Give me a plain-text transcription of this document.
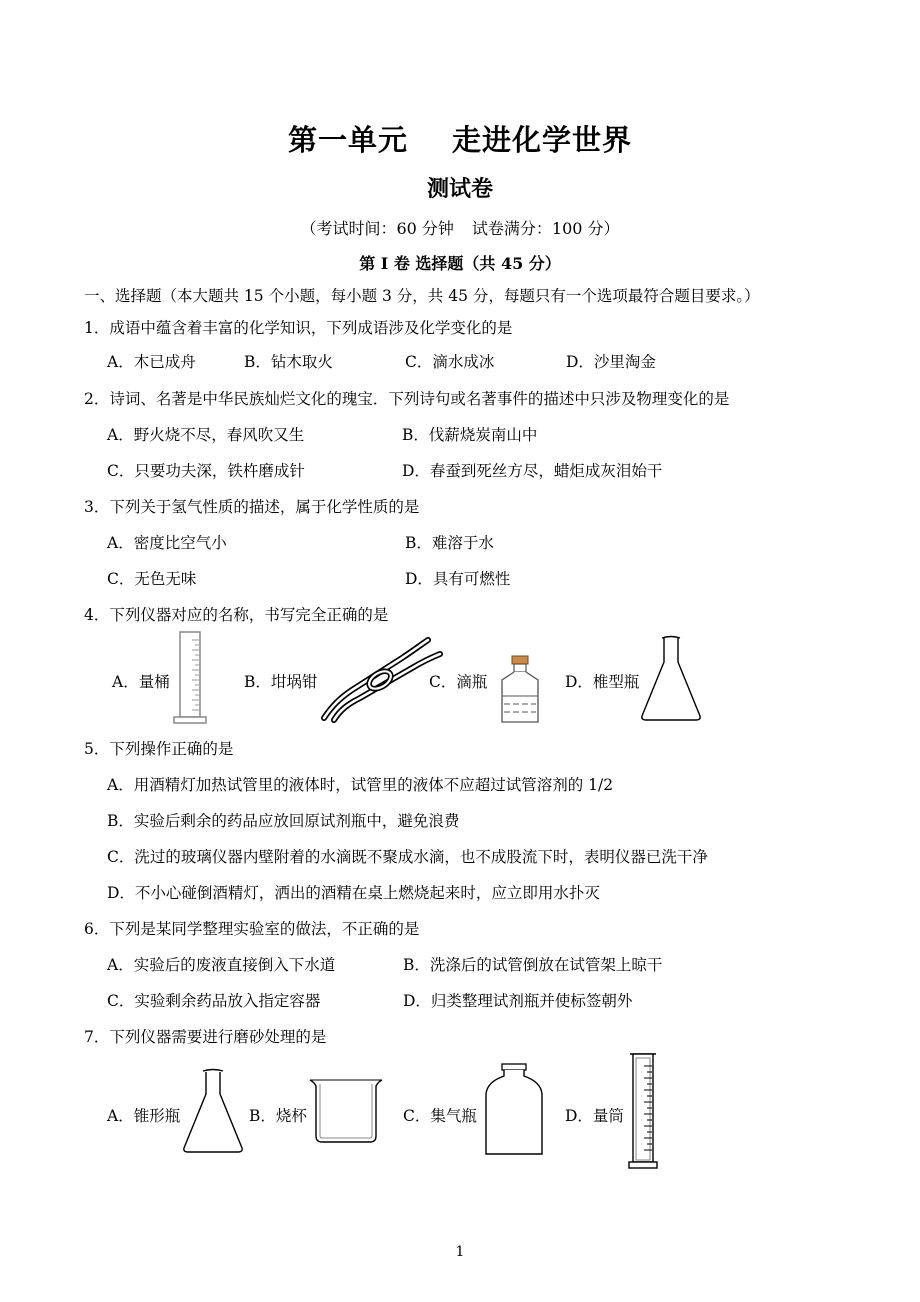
第一单元 走进化学世界
测试卷
（考试时间：60 分钟 试卷满分：100 分）
第 I 卷 选择题（共 45 分）
一、选择题（本大题共 15 个小题，每小题 3 分，共 45 分，每题只有一个选项最符合题目要求。）
1．成语中蕴含着丰富的化学知识，下列成语涉及化学变化的是
A．木已成舟	B．钻木取火	C．滴水成冰	D．沙里淘金
2．诗词、名著是中华民族灿烂文化的瑰宝．下列诗句或名著事件的描述中只涉及物理变化的是
A．野火烧不尽，春风吹又生	B．伐薪烧炭南山中
C．只要功夫深，铁杵磨成针	D．春蚕到死丝方尽，蜡炬成灰泪始干
3．下列关于氢气性质的描述，属于化学性质的是
A．密度比空气小	B．难溶于水
C．无色无味	D．具有可燃性
4．下列仪器对应的名称，书写完全正确的是
A．量桶	B．坩埚钳	C．滴瓶	D．椎型瓶
5．下列操作正确的是
A．用酒精灯加热试管里的液体时，试管里的液体不应超过试管溶剂的 1/2
B．实验后剩余的药品应放回原试剂瓶中，避免浪费
C．洗过的玻璃仪器内壁附着的水滴既不聚成水滴，也不成股流下时，表明仪器已洗干净
D．不小心碰倒酒精灯，洒出的酒精在桌上燃烧起来时，应立即用水扑灭
6．下列是某同学整理实验室的做法，不正确的是
A．实验后的废液直接倒入下水道	B．洗涤后的试管倒放在试管架上晾干
C．实验剩余药品放入指定容器	D．归类整理试剂瓶并使标签朝外
7．下列仪器需要进行磨砂处理的是
A．锥形瓶	B．烧杯	C．集气瓶	D．量筒
1
